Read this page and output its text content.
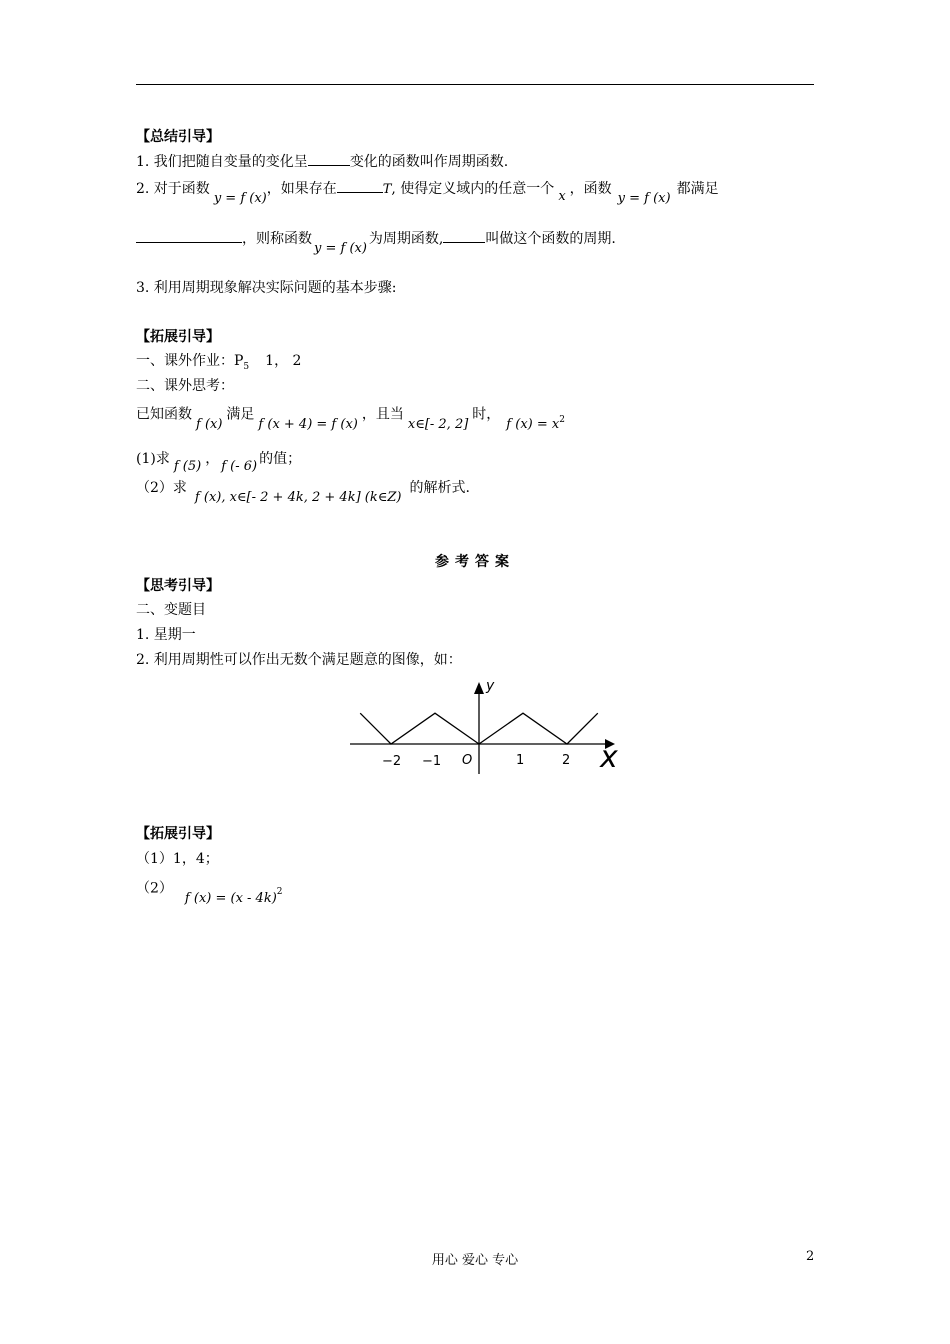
【总结引导】
1. 我们把随自变量的变化呈	变化的函数叫作周期函数.
2. 对于函数y = f (x)，如果存在	T, 使得定义域内的任意一个 x ，函数y = f (x)都满足
，则称函数y = f (x)为周期函数,	叫做这个函数的周期.
3. 利用周期现象解决实际问题的基本步骤:
【拓展引导】
一、课外作业：$P_5$ 1， 2
二、课外思考：
已知函数f (x)满足f (x + 4) = f (x)，且当x∈[- 2, 2]时，f $(x) = x^2$
(1)求 f (5) ， f (- 6) 的值；
（2）求f (x), x∈[- 2 + 4k, 2 + 4k] (k∈Z)的解析式.
参考答案
【思考引导】
二、变题目
1. 星期一
2. 利用周期性可以作出无数个满足题意的图像，如：
y
x
O
−2 −1	1	2
【拓展引导】
（1）1，4；
（2）f (x) = (x - 4k)$^2$
用心 爱心 专心	2
